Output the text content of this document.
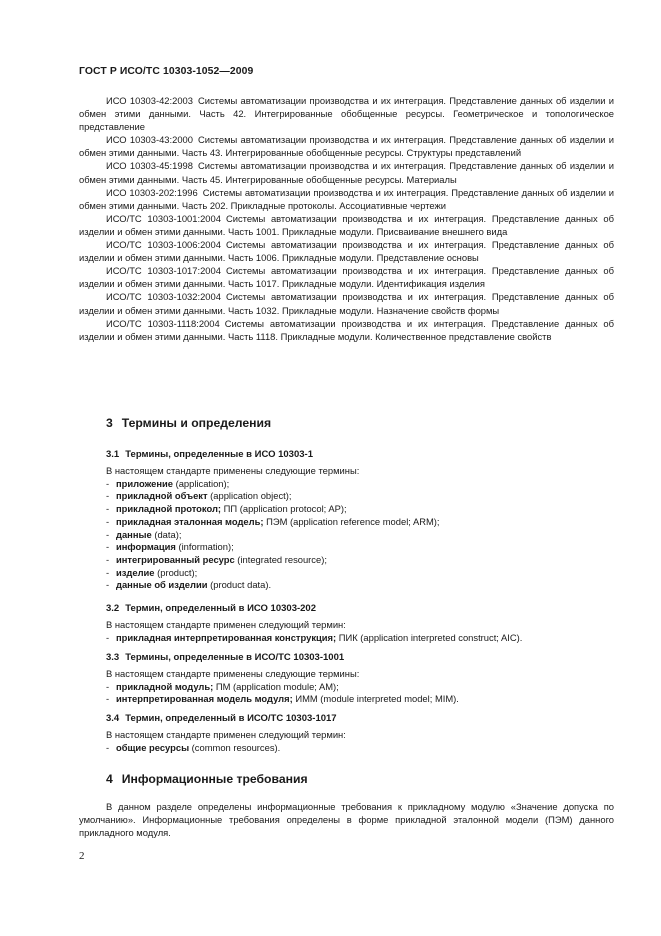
ГОСТ Р ИСО/ТС 10303-1052—2009

ИСО 10303-42:2003 Системы автоматизации производства и их интеграция. Представление данных об изделии и обмен этими данными. Часть 42. Интегрированные обобщенные ресурсы. Геометрическое и топологическое представление

ИСО 10303-43:2000 Системы автоматизации производства и их интеграция. Представление данных об изделии и обмен этими данными. Часть 43. Интегрированные обобщенные ресурсы. Структуры представлений

ИСО 10303-45:1998 Системы автоматизации производства и их интеграция. Представление данных об изделии и обмен этими данными. Часть 45. Интегрированные обобщенные ресурсы. Материалы

ИСО 10303-202:1996 Системы автоматизации производства и их интеграция. Представление данных об изделии и обмен этими данными. Часть 202. Прикладные протоколы. Ассоциативные чертежи

ИСО/ТС 10303-1001:2004 Системы автоматизации производства и их интеграция. Представление данных об изделии и обмен этими данными. Часть 1001. Прикладные модули. Присваивание внешнего вида

ИСО/ТС 10303-1006:2004 Системы автоматизации производства и их интеграция. Представление данных об изделии и обмен этими данными. Часть 1006. Прикладные модули. Представление основы

ИСО/ТС 10303-1017:2004 Системы автоматизации производства и их интеграция. Представление данных об изделии и обмен этими данными. Часть 1017. Прикладные модули. Идентификация изделия

ИСО/ТС 10303-1032:2004 Системы автоматизации производства и их интеграция. Представление данных об изделии и обмен этими данными. Часть 1032. Прикладные модули. Назначение свойств формы

ИСО/ТС 10303-1118:2004 Системы автоматизации производства и их интеграция. Представление данных об изделии и обмен этими данными. Часть 1118. Прикладные модули. Количественное представление свойств

3 Термины и определения
3.1 Термины, определенные в ИСО 10303-1

В настоящем стандарте применены следующие термины:

- приложение (application);

- прикладной объект (application object);

- прикладной протокол; ПП (application protocol; AP);

- прикладная эталонная модель; ПЭМ (application reference model; ARM);

- данные (data);

- информация (information);

- интегрированный ресурс (integrated resource);

- изделие (product);

- данные об изделии (product data).

3.2 Термин, определенный в ИСО 10303-202

В настоящем стандарте применен следующий термин:

- прикладная интерпретированная конструкция; ПИК (application interpreted construct; AIC).

3.3 Термины, определенные в ИСО/ТС 10303-1001

В настоящем стандарте применены следующие термины:

- прикладной модуль; ПМ (application module; AM);

- интерпретированная модель модуля; ИММ (module interpreted model; MIM).

3.4 Термин, определенный в ИСО/ТС 10303-1017

В настоящем стандарте применен следующий термин:

- общие ресурсы (common resources).

4 Информационные требования

В данном разделе определены информационные требования к прикладному модулю «Значение допуска по умолчанию». Информационные требования определены в форме прикладной эталонной модели (ПЭМ) данного прикладного модуля.

2
